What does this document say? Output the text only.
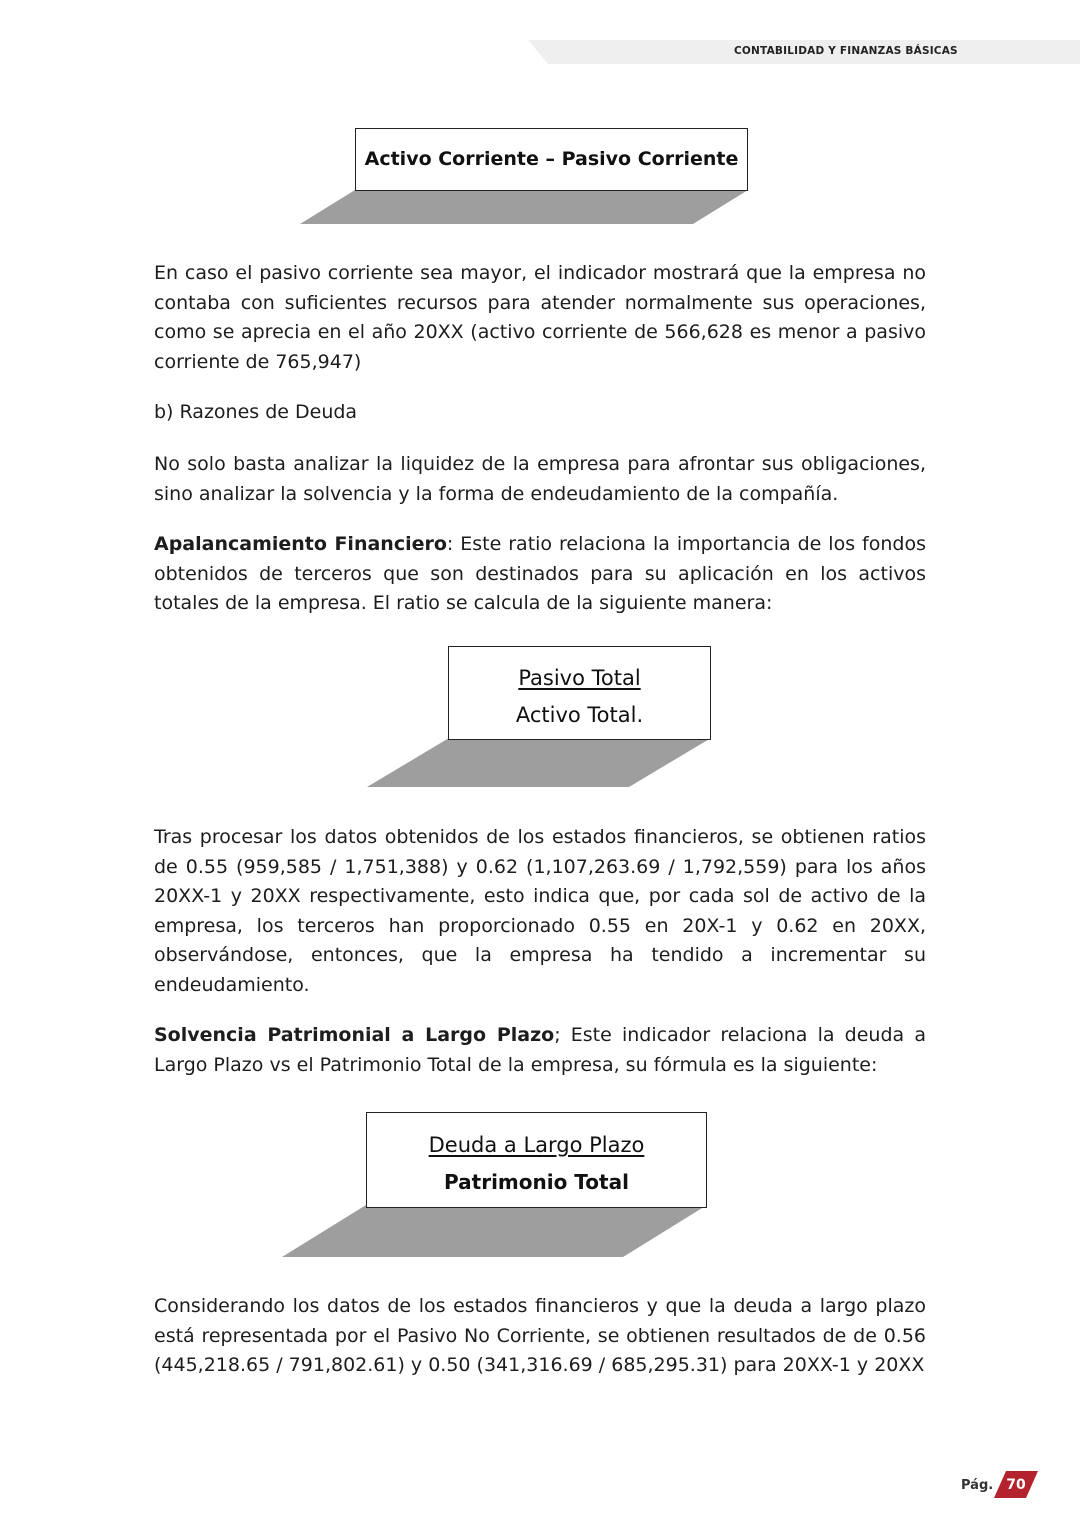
CONTABILIDAD Y FINANZAS BÁSICAS
Activo Corriente – Pasivo Corriente

En caso el pasivo corriente sea mayor, el indicador mostrará que la empresa no contaba con suficientes recursos para atender normalmente sus operaciones, como se aprecia en el año 20XX (activo corriente de 566,628 es menor a pasivo corriente de 765,947)

b) Razones de Deuda

No solo basta analizar la liquidez de la empresa para afrontar sus obligaciones, sino analizar la solvencia y la forma de endeudamiento de la compañía.

Apalancamiento Financiero: Este ratio relaciona la importancia de los fondos obtenidos de terceros que son destinados para su aplicación en los activos totales de la empresa. El ratio se calcula de la siguiente manera:

Pasivo Total
Activo Total.

Tras procesar los datos obtenidos de los estados financieros, se obtienen ratios de 0.55 (959,585 / 1,751,388) y 0.62 (1,107,263.69 / 1,792,559) para los años 20XX-1 y 20XX respectivamente, esto indica que, por cada sol de activo de la empresa, los terceros han proporcionado 0.55 en 20X-1 y 0.62 en 20XX, observándose, entonces, que la empresa ha tendido a incrementar su endeudamiento.

Solvencia Patrimonial a Largo Plazo; Este indicador relaciona la deuda a Largo Plazo vs el Patrimonio Total de la empresa, su fórmula es la siguiente:

Deuda a Largo Plazo
Patrimonio Total

Considerando los datos de los estados financieros y que la deuda a largo plazo está representada por el Pasivo No Corriente, se obtienen resultados de de 0.56 (445,218.65 / 791,802.61) y 0.50 (341,316.69 / 685,295.31) para 20XX-1 y 20XX

Pág. 70
